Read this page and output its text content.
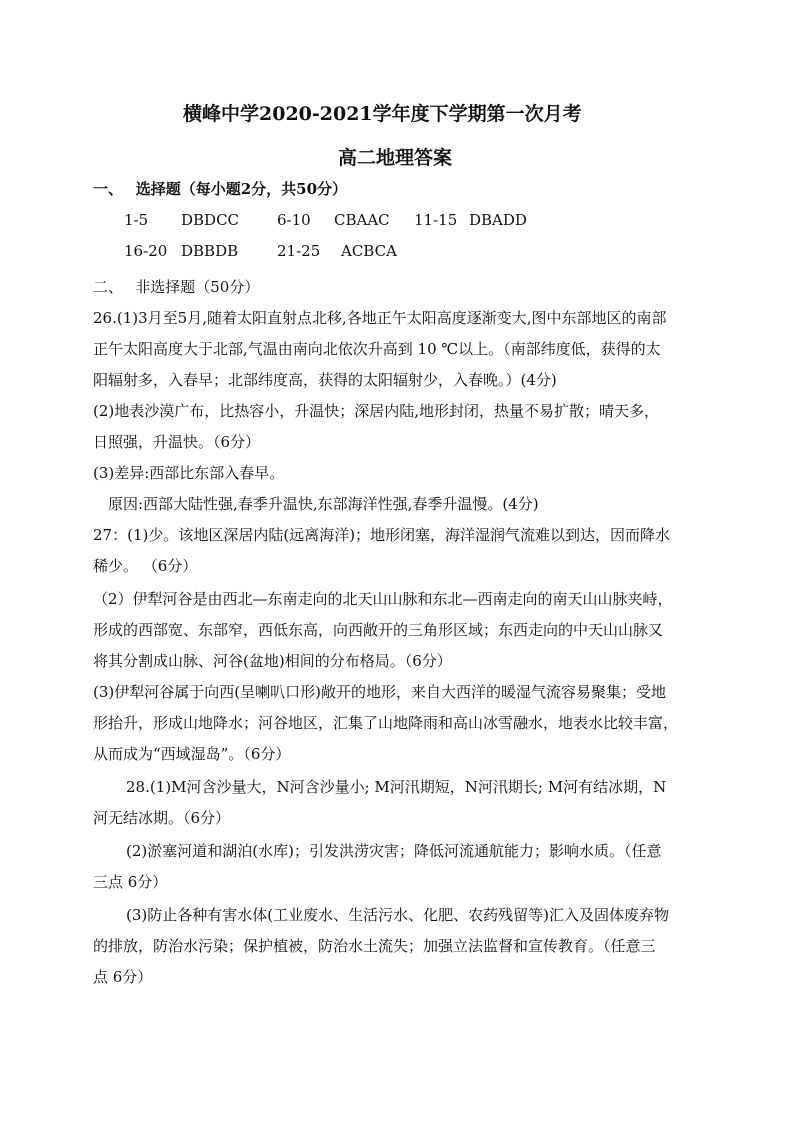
横峰中学2020-2021学年度下学期第一次月考
高二地理答案
一、　 选择题（每小题2分，共50分）
1-5 DBDCC	6-10 CBAAC 11-15 DBADD
16-20 DBBDB	21-25 ACBCA
二、　 非选择题（50分）
26.(1)3月至5月,随着太阳直射点北移,各地正午太阳高度逐渐变大,图中东部地区的南部
正午太阳高度大于北部,气温由南向北依次升高到 10 ℃以上。（南部纬度低，获得的太
阳辐射多，入春早；北部纬度高，获得的太阳辐射少，入春晚。）(4分)
(2)地表沙漠广布，比热容小，升温快；深居内陆,地形封闭，热量不易扩散；晴天多，
日照强，升温快。（6分）
(3)差异:西部比东部入春早。
原因:西部大陆性强,春季升温快,东部海洋性强,春季升温慢。(4分)
27：(1)少。该地区深居内陆(远离海洋)；地形闭塞，海洋湿润气流难以到达，因而降水
稀少。 （6分）
（2）伊犁河谷是由西北—东南走向的北天山山脉和东北—西南走向的南天山山脉夹峙，
形成的西部宽、东部窄，西低东高，向西敞开的三角形区域；东西走向的中天山山脉又
将其分割成山脉、河谷(盆地)相间的分布格局。（6分）
(3)伊犁河谷属于向西(呈喇叭口形)敞开的地形，来自大西洋的暖湿气流容易聚集；受地
形抬升，形成山地降水；河谷地区，汇集了山地降雨和高山冰雪融水，地表水比较丰富，
从而成为“西域湿岛”。（6分）
28.(1)M河含沙量大，N河含沙量小; M河汛期短，N河汛期长; M河有结冰期，N
河无结冰期。（6分）
(2)淤塞河道和湖泊(水库)；引发洪涝灾害；降低河流通航能力；影响水质。（任意
三点 6分）
(3)防止各种有害水体(工业废水、生活污水、化肥、农药残留等)汇入及固体废弃物
的排放，防治水污染；保护植被，防治水土流失；加强立法监督和宣传教育。（任意三
点 6分）
